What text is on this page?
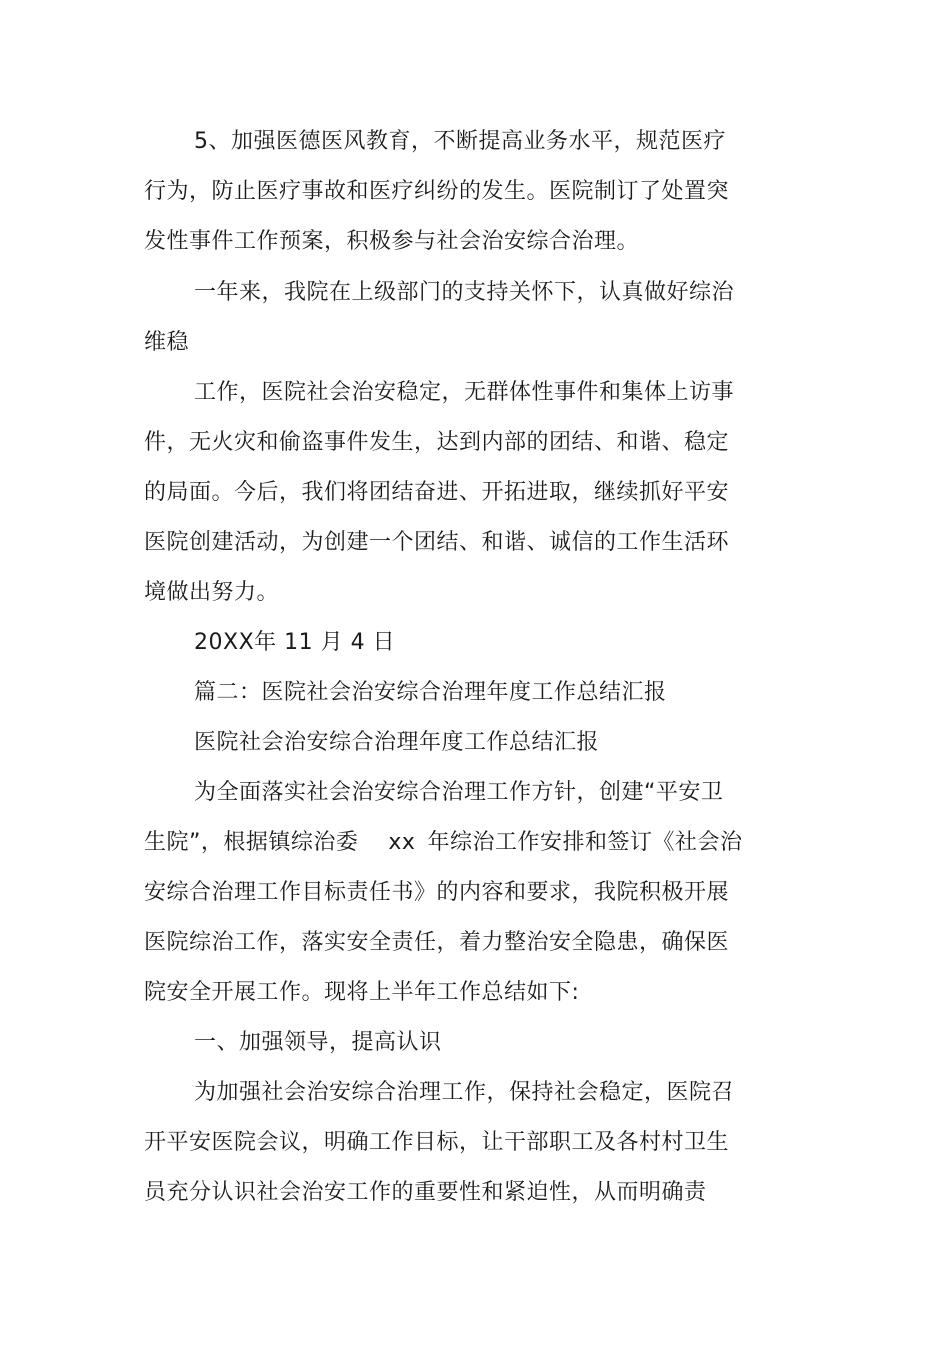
5、加强医德医风教育，不断提高业务水平，规范医疗
行为，防止医疗事故和医疗纠纷的发生。医院制订了处置突
发性事件工作预案，积极参与社会治安综合治理。
一年来，我院在上级部门的支持关怀下，认真做好综治
维稳
工作，医院社会治安稳定，无群体性事件和集体上访事
件，无火灾和偷盗事件发生，达到内部的团结、和谐、稳定
的局面。今后，我们将团结奋进、开拓进取，继续抓好平安
医院创建活动，为创建一个团结、和谐、诚信的工作生活环
境做出努力。
20XX年 11 月 4 日
篇二：医院社会治安综合治理年度工作总结汇报
医院社会治安综合治理年度工作总结汇报
为全面落实社会治安综合治理工作方针，创建“平安卫
生院”，根据镇综治委 xx 年综治工作安排和签订《社会治
安综合治理工作目标责任书》的内容和要求，我院积极开展
医院综治工作，落实安全责任，着力整治安全隐患，确保医
院安全开展工作。现将上半年工作总结如下:
一、加强领导，提高认识
为加强社会治安综合治理工作，保持社会稳定，医院召
开平安医院会议，明确工作目标，让干部职工及各村村卫生
员充分认识社会治安工作的重要性和紧迫性，从而明确责
